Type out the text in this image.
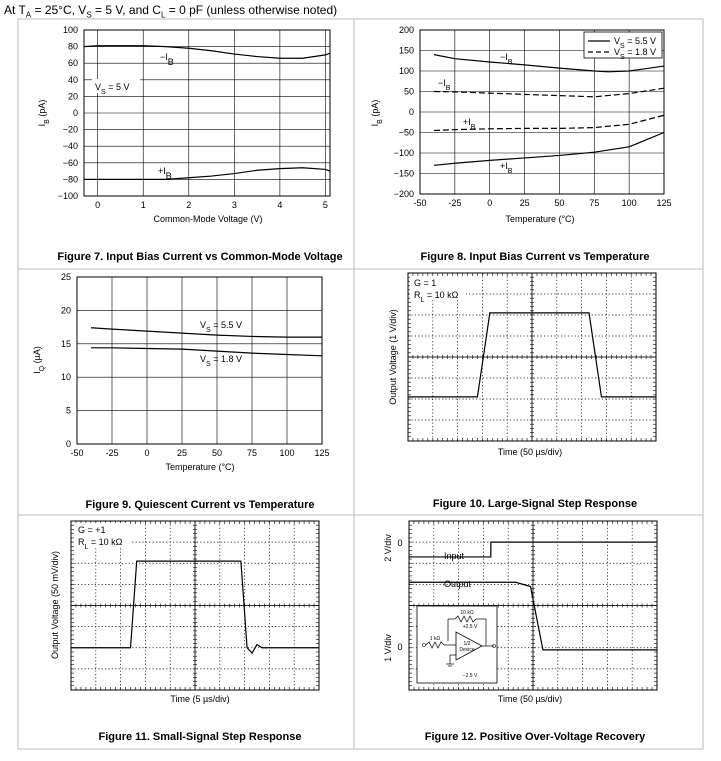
At $T_A = 25^\circ C$, $V_S = 5$ V, and $C_L = 0$ pF (unless otherwise noted)
0	1	2	3	4	5
100
80
60
40
20
0
−20
−40
−60
−80
−100
Common-Mode Voltage (V)
$I_B$ (pA)
Figure 7. Input Bias Current vs Common-Mode Voltage
$V_S = 5$ V
$-I_B$
$+I_B$
-50 -25	0	25	50	75 100 125
200
150
100
50
0
−50
−100
−150
−200
Temperature (°C)
$I_B$ (pA)
Figure 8. Input Bias Current vs Temperature
$V_S = 5.5$ V
$V_S = 1.8$ V
$-I_B$
$-I_B$
$+I_B$
$+I_B$
-50 -25	0	25	50	75 100 125
25
20
15
10
5
0
Temperature (°C)
$I_Q$ (µA)
Figure 9. Quiescent Current vs Temperature
$V_S = 5.5$ V
$V_S = 1.8$ V
Time (50 µs/div)
Output Voltage (1 V/div)
Figure 10. Large-Signal Step Response
G = 1
$R_L = 10$ kΩ
Time (5 µs/div)
Output Voltage (50 mV/div)
Figure 11. Small-Signal Step Response
G = +1
$R_L = 10$ kΩ
Time (50 µs/div)
Figure 12. Positive Over-Voltage Recovery
Input
Output
2 V/div
1 V/div
0
0
10 kΩ
1 kΩ
+2.5 V
1/2
Device
−2.5 V
